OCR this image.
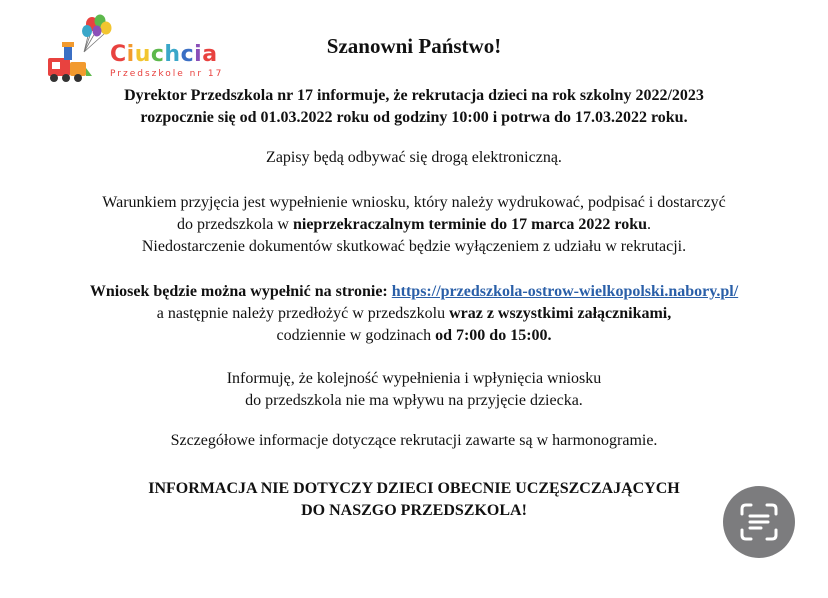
Ciuchcia
Przedszkole nr 17
Szanowni Państwo!
Dyrektor Przedszkola nr 17 informuje, że rekrutacja dzieci na rok szkolny 2022/2023
rozpocznie się od 01.03.2022 roku od godziny 10:00 i potrwa do 17.03.2022 roku.
Zapisy będą odbywać się drogą elektroniczną.
Warunkiem przyjęcia jest wypełnienie wniosku, który należy wydrukować, podpisać i dostarczyć
do przedszkola w nieprzekraczalnym terminie do 17 marca 2022 roku.
Niedostarczenie dokumentów skutkować będzie wyłączeniem z udziału w rekrutacji.
Wniosek będzie można wypełnić na stronie: https://przedszkola-ostrow-wielkopolski.nabory.pl/
a następnie należy przedłożyć w przedszkolu wraz z wszystkimi załącznikami,
codziennie w godzinach od 7:00 do 15:00.
Informuję, że kolejność wypełnienia i wpłynięcia wniosku
do przedszkola nie ma wpływu na przyjęcie dziecka.
Szczegółowe informacje dotyczące rekrutacji zawarte są w harmonogramie.
INFORMACJA NIE DOTYCZY DZIECI OBECNIE UCZĘSZCZAJĄCYCH
DO NASZGO PRZEDSZKOLA!
